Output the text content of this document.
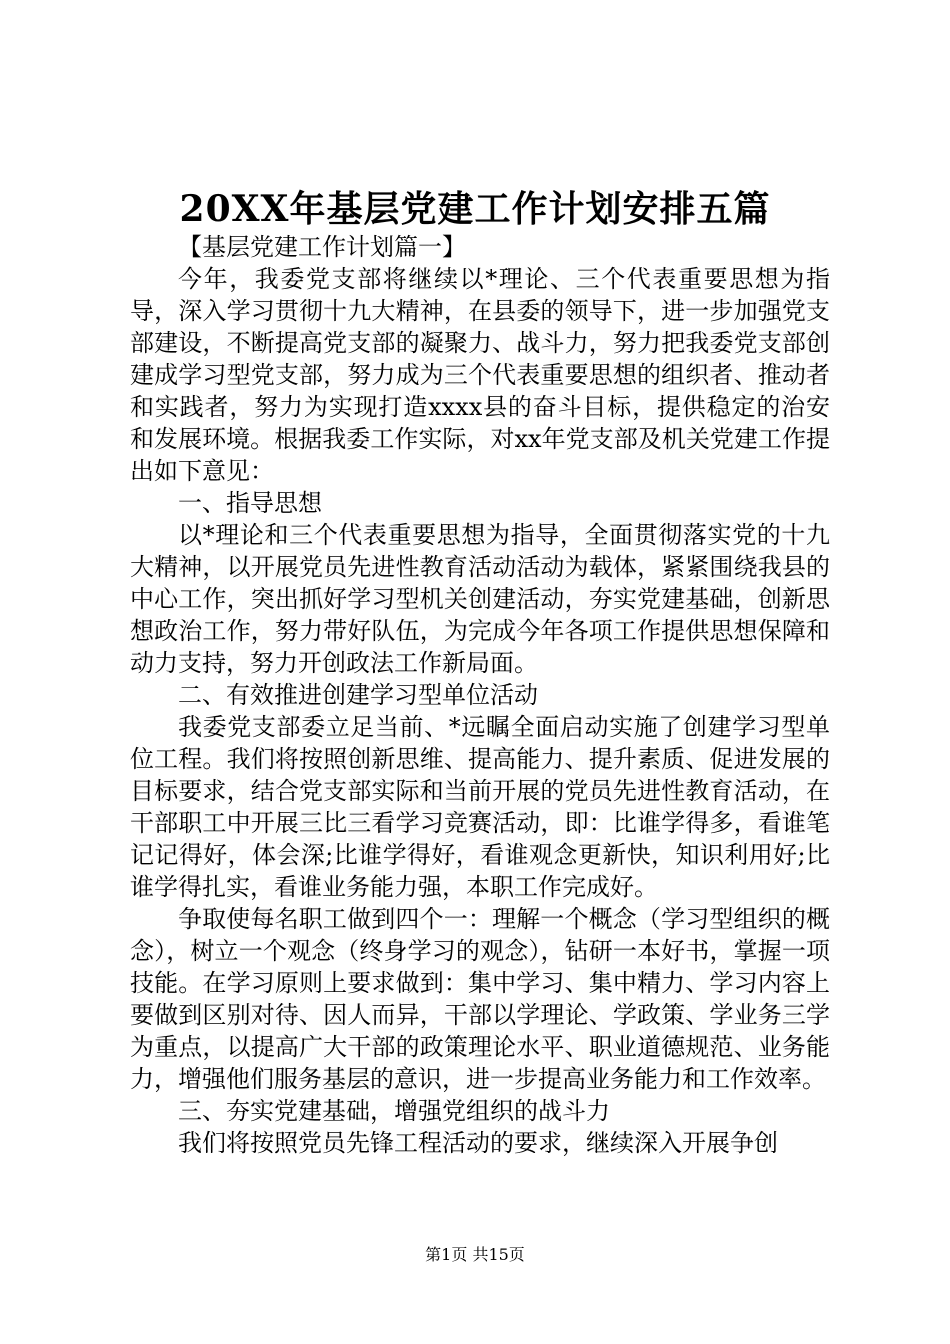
20XX年基层党建工作计划安排五篇

【基层党建工作计划篇一】

今年，我委党支部将继续以*理论、三个代表重要思想为指导，深入学习贯彻十九大精神，在县委的领导下，进一步加强党支部建设，不断提高党支部的凝聚力、战斗力，努力把我委党支部创建成学习型党支部，努力成为三个代表重要思想的组织者、推动者和实践者，努力为实现打造xxxx县的奋斗目标，提供稳定的治安和发展环境。根据我委工作实际，对xx年党支部及机关党建工作提出如下意见：

一、指导思想

以*理论和三个代表重要思想为指导，全面贯彻落实党的十九大精神，以开展党员先进性教育活动活动为载体，紧紧围绕我县的中心工作，突出抓好学习型机关创建活动，夯实党建基础，创新思想政治工作，努力带好队伍，为完成今年各项工作提供思想保障和动力支持，努力开创政法工作新局面。

二、有效推进创建学习型单位活动

我委党支部委立足当前、*远瞩全面启动实施了创建学习型单位工程。我们将按照创新思维、提高能力、提升素质、促进发展的目标要求，结合党支部实际和当前开展的党员先进性教育活动，在干部职工中开展三比三看学习竞赛活动，即：比谁学得多，看谁笔记记得好，体会深;比谁学得好，看谁观念更新快，知识利用好;比谁学得扎实，看谁业务能力强，本职工作完成好。

争取使每名职工做到四个一：理解一个概念（学习型组织的概念），树立一个观念（终身学习的观念），钻研一本好书，掌握一项技能。在学习原则上要求做到：集中学习、集中精力、学习内容上要做到区别对待、因人而异，干部以学理论、学政策、学业务三学为重点，以提高广大干部的政策理论水平、职业道德规范、业务能力，增强他们服务基层的意识，进一步提高业务能力和工作效率。

三、夯实党建基础，增强党组织的战斗力

我们将按照党员先锋工程活动的要求，继续深入开展争创

第1页 共15页
